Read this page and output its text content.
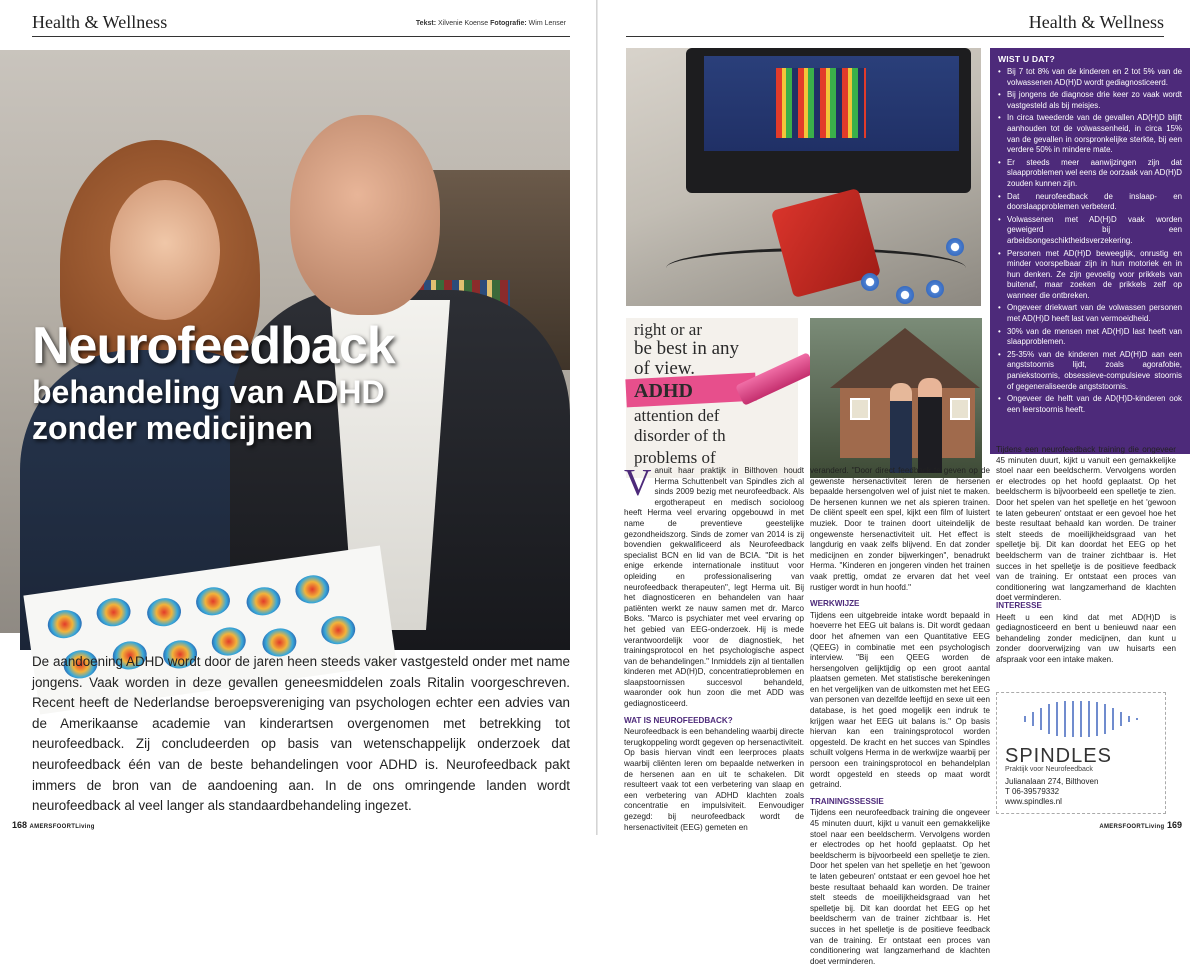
Health & Wellness	Tekst: Xilvenie Koense Fotografie: Wim Lenser
Neurofeedback
behandeling van ADHD
zonder medicijnen

De aandoening ADHD wordt door de jaren heen steeds vaker vastgesteld onder met name jongens. Vaak worden in deze gevallen geneesmiddelen zoals Ritalin voorgeschreven. Recent heeft de Nederlandse beroepsvereniging van psychologen echter een advies van de Amerikaanse academie van kinderartsen overgenomen met betrekking tot neurofeedback. Zij concludeerden op basis van wetenschappelijk onderzoek dat neurofeedback één van de beste behandelingen voor ADHD is. Neurofeedback pakt immers de bron van de aandoening aan. In de ons omringende landen wordt neurofeedback al veel langer als standaardbehandeling ingezet.

168 AMERSFOORTLiving
Health & Wellness
right or ar
be best in any
of view.
ADHD
attention def
disorder of th
problems of
WIST U DAT?
• Bij 7 tot 8% van de kinderen en 2 tot 5% van de volwassenen AD(H)D wordt gediagnosticeerd.
• Bij jongens de diagnose drie keer zo vaak wordt vastgesteld als bij meisjes.
• In circa tweederde van de gevallen AD(H)D blijft aanhouden tot de volwassenheid, in circa 15% van de gevallen in oorspronkelijke sterkte, bij een verdere 50% in mindere mate.
• Er steeds meer aanwijzingen zijn dat slaapproblemen wel eens de oorzaak van AD(H)D zouden kunnen zijn.
• Dat neurofeedback de inslaap- en doorslaapproblemen verbeterd.
• Volwassenen met AD(H)D vaak worden geweigerd bij een arbeidsongeschiktheidsverzekering.
• Personen met AD(H)D beweeglijk, onrustig en minder voorspelbaar zijn in hun motoriek en in hun denken. Ze zijn gevoelig voor prikkels van buitenaf, maar zoeken de prikkels zelf op wanneer die ontbreken.
• Ongeveer driekwart van de volwassen personen met AD(H)D heeft last van vermoeidheid.
• 30% van de mensen met AD(H)D last heeft van slaapproblemen.
• 25-35% van de kinderen met AD(H)D aan een angststoornis lijdt, zoals agorafobie, paniekstoornis, obsessieve-compulsieve stoornis of gegeneraliseerde angststoornis.
• Ongeveer de helft van de AD(H)D-kinderen ook een leerstoornis heeft.
V anuit haar praktijk in Bilthoven houdt Herma Schuttenbelt van Spindles zich al sinds 2009 bezig met neurofeedback. Als ergotherapeut en medisch socioloog heeft Herma veel ervaring opgebouwd in met name de preventieve geestelijke gezondheidszorg. Sinds de zomer van 2014 is zij bovendien gekwalificeerd als Neurofeedback specialist BCN en lid van de BCIA. "Dit is het enige erkende internationale instituut voor opleiding en professionalisering van neurofeedback therapeuten", legt Herma uit. Bij het diagnosticeren en behandelen van haar patiënten werkt ze nauw samen met dr. Marco Boks. "Marco is psychiater met veel ervaring op het gebied van EEG-onderzoek. Hij is mede verantwoordelijk voor de diagnostiek, het trainingsprotocol en het psychologische aspect van de behandelingen." Inmiddels zijn al tientallen kinderen met AD(H)D, concentratieproblemen en slaapstoornissen succesvol behandeld, waaronder ook hun zoon die met ADD was gediagnosticeerd.
WAT IS NEUROFEEDBACK?

Neurofeedback is een behandeling waarbij directe terugkoppeling wordt gegeven op hersenactiviteit. Op basis hiervan vindt een leerproces plaats waarbij cliënten leren om bepaalde netwerken in de hersenen aan en uit te schakelen. Dit resulteert vaak tot een verbetering van slaap en een verbetering van ADHD klachten zoals concentratie en impulsiviteit. Eenvoudiger gezegd: bij neurofeedback wordt de hersenactiviteit (EEG) gemeten en

veranderd. "Door direct feedback te geven op de gewenste hersenactiviteit leren de hersenen bepaalde hersengolven wel of juist niet te maken. De hersenen kunnen we net als spieren trainen. De cliënt speelt een spel, kijkt een film of luistert muziek. Door te trainen doort uiteindelijk de ongewenste hersenactiviteit uit. Het effect is langdurig en vaak zelfs blijvend. En dat zonder medicijnen en zonder bijwerkingen", benadrukt Herma. "Kinderen en jongeren vinden het trainen vaak prettig, omdat ze ervaren dat het veel rustiger wordt in hun hoofd."

WERKWIJZE

Tijdens een uitgebreide intake wordt bepaald in hoeverre het EEG uit balans is. Dit wordt gedaan door het afnemen van een Quantitative EEG (QEEG) in combinatie met een psychologisch interview. "Bij een QEEG worden de hersengolven gelijktijdig op een groot aantal plaatsen gemeten. Met statistische berekeningen en het vergelijken van de uitkomsten met het EEG van personen van dezelfde leeftijd en sexe uit een database, is het goed mogelijk een indruk te krijgen waar het EEG uit balans is." Op basis hiervan kan een trainingsprotocol worden opgesteld. De kracht en het succes van Spindles schuilt volgens Herma in de werkwijze waarbij per persoon een trainingsprotocol en behandelplan wordt opgesteld en steeds op maat wordt getraind.

TRAININGSSESSIE

Tijdens een neurofeedback training die ongeveer 45 minuten duurt, kijkt u vanuit een gemakkelijke stoel naar een beeldscherm. Vervolgens worden er electrodes op het hoofd geplaatst. Op het beeldscherm is bijvoorbeeld een spelletje te zien. Door het spelen van het spelletje en het 'gewoon te laten gebeuren' ontstaat er een gevoel hoe het beste resultaat behaald kan worden. De trainer stelt steeds de moeilijkheidsgraad van het spelletje bij. Dit kan doordat het EEG op het beeldscherm van de trainer zichtbaar is. Het succes in het spelletje is de positieve feedback van de training. Er ontstaat een proces van conditionering wat langzamerhand de klachten doet verminderen.

Tijdens een neurofeedback training die ongeveer 45 minuten duurt, kijkt u vanuit een gemakkelijke stoel naar een beeldscherm. Vervolgens worden er electrodes op het hoofd geplaatst. Op het beeldscherm is bijvoorbeeld een spelletje te zien. Door het spelen van het spelletje en het 'gewoon te laten gebeuren' ontstaat er een gevoel hoe het beste resultaat behaald kan worden. De trainer stelt steeds de moeilijkheidsgraad van het spelletje bij. Dit kan doordat het EEG op het beeldscherm van de trainer zichtbaar is. Het succes in het spelletje is de positieve feedback van de training. Er ontstaat een proces van conditionering wat langzamerhand de klachten doet verminderen.

INTERESSE

Heeft u een kind dat met AD(H)D is gediagnosticeerd en bent u benieuwd naar een behandeling zonder medicijnen, dan kunt u zonder doorverwijzing van uw huisarts een afspraak voor een intake maken.

SPINDLES
Praktijk voor Neurofeedback
Julianalaan 274, Bilthoven
T 06-39579332
www.spindles.nl
AMERSFOORTLiving 169
